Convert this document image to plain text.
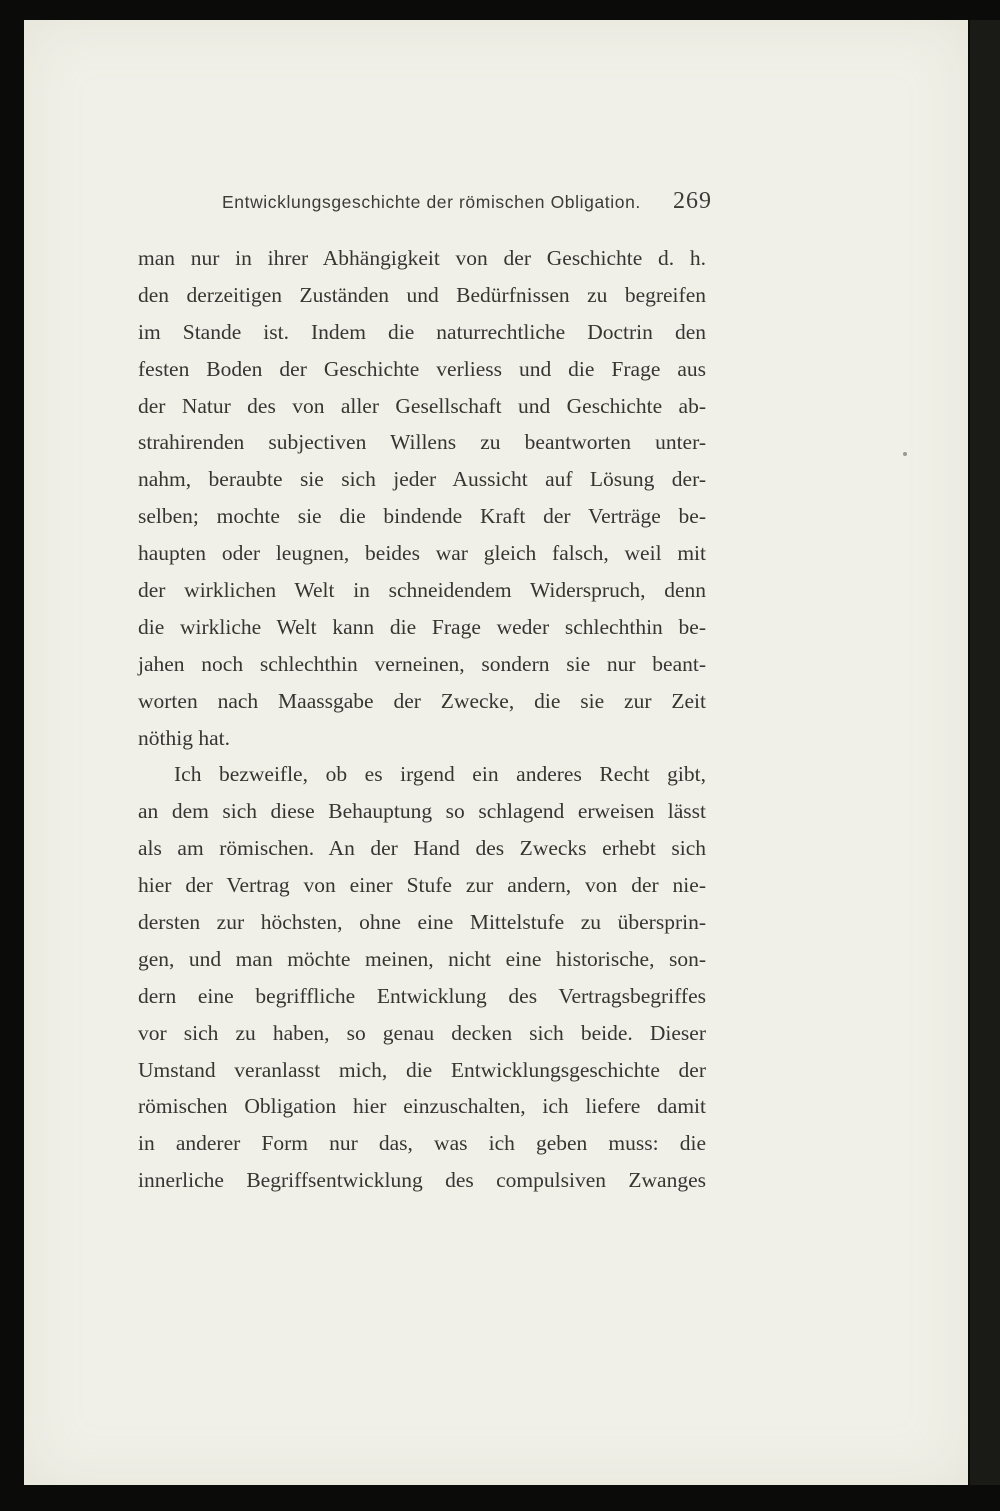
Entwicklungsgeschichte der römischen Obligation. 269
man nur in ihrer Abhängigkeit von der Geschichte d. h.
den derzeitigen Zuständen und Bedürfnissen zu begreifen
im Stande ist. Indem die naturrechtliche Doctrin den
festen Boden der Geschichte verliess und die Frage aus
der Natur des von aller Gesellschaft und Geschichte ab-
strahirenden subjectiven Willens zu beantworten unter-
nahm, beraubte sie sich jeder Aussicht auf Lösung der-
selben; mochte sie die bindende Kraft der Verträge be-
haupten oder leugnen, beides war gleich falsch, weil mit
der wirklichen Welt in schneidendem Widerspruch, denn
die wirkliche Welt kann die Frage weder schlechthin be-
jahen noch schlechthin verneinen, sondern sie nur beant-
worten nach Maassgabe der Zwecke, die sie zur Zeit
nöthig hat.
Ich bezweifle, ob es irgend ein anderes Recht gibt,
an dem sich diese Behauptung so schlagend erweisen lässt
als am römischen. An der Hand des Zwecks erhebt sich
hier der Vertrag von einer Stufe zur andern, von der nie-
dersten zur höchsten, ohne eine Mittelstufe zu übersprin-
gen, und man möchte meinen, nicht eine historische, son-
dern eine begriffliche Entwicklung des Vertragsbegriffes
vor sich zu haben, so genau decken sich beide. Dieser
Umstand veranlasst mich, die Entwicklungsgeschichte der
römischen Obligation hier einzuschalten, ich liefere damit
in anderer Form nur das, was ich geben muss: die
innerliche Begriffsentwicklung des compulsiven Zwanges
